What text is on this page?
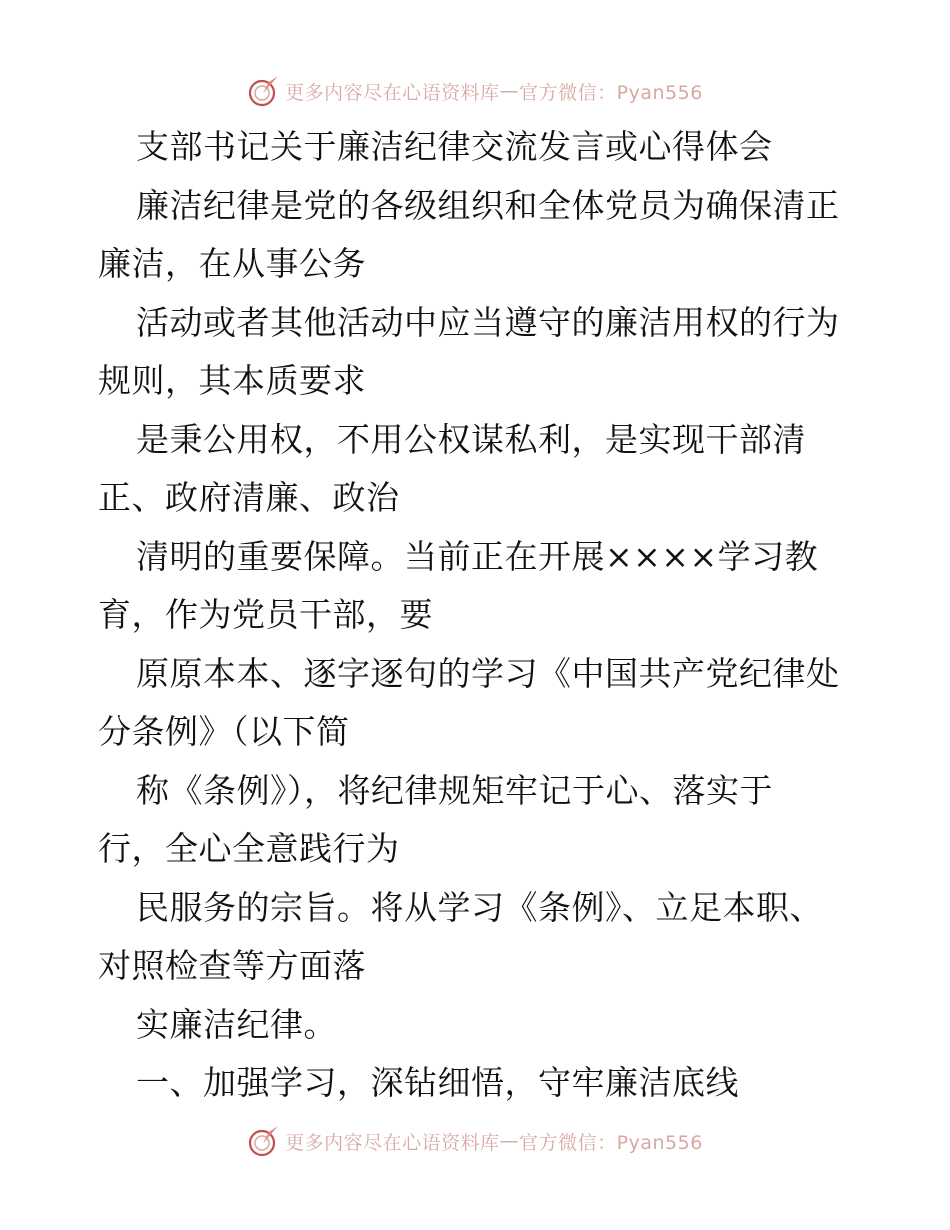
更多内容尽在心语资料库 — 官方微信：Pyan556
支部书记关于廉洁纪律交流发言或心得体会
廉洁纪律是党的各级组织和全体党员为确保清正
廉洁，在从事公务
活动或者其他活动中应当遵守的廉洁用权的行为
规则，其本质要求
是秉公用权，不用公权谋私利，是实现干部清
正、政府清廉、政治
清明的重要保障。当前正在开展××××学习教
育，作为党员干部，要
原原本本、逐字逐句的学习《中国共产党纪律处
分条例》（以下简
称《条例》），将纪律规矩牢记于心、落实于
行，全心全意践行为
民服务的宗旨。将从学习《条例》、立足本职、
对照检查等方面落
实廉洁纪律。
一、加强学习，深钻细悟，守牢廉洁底线
更多内容尽在心语资料库 — 官方微信：Pyan556
